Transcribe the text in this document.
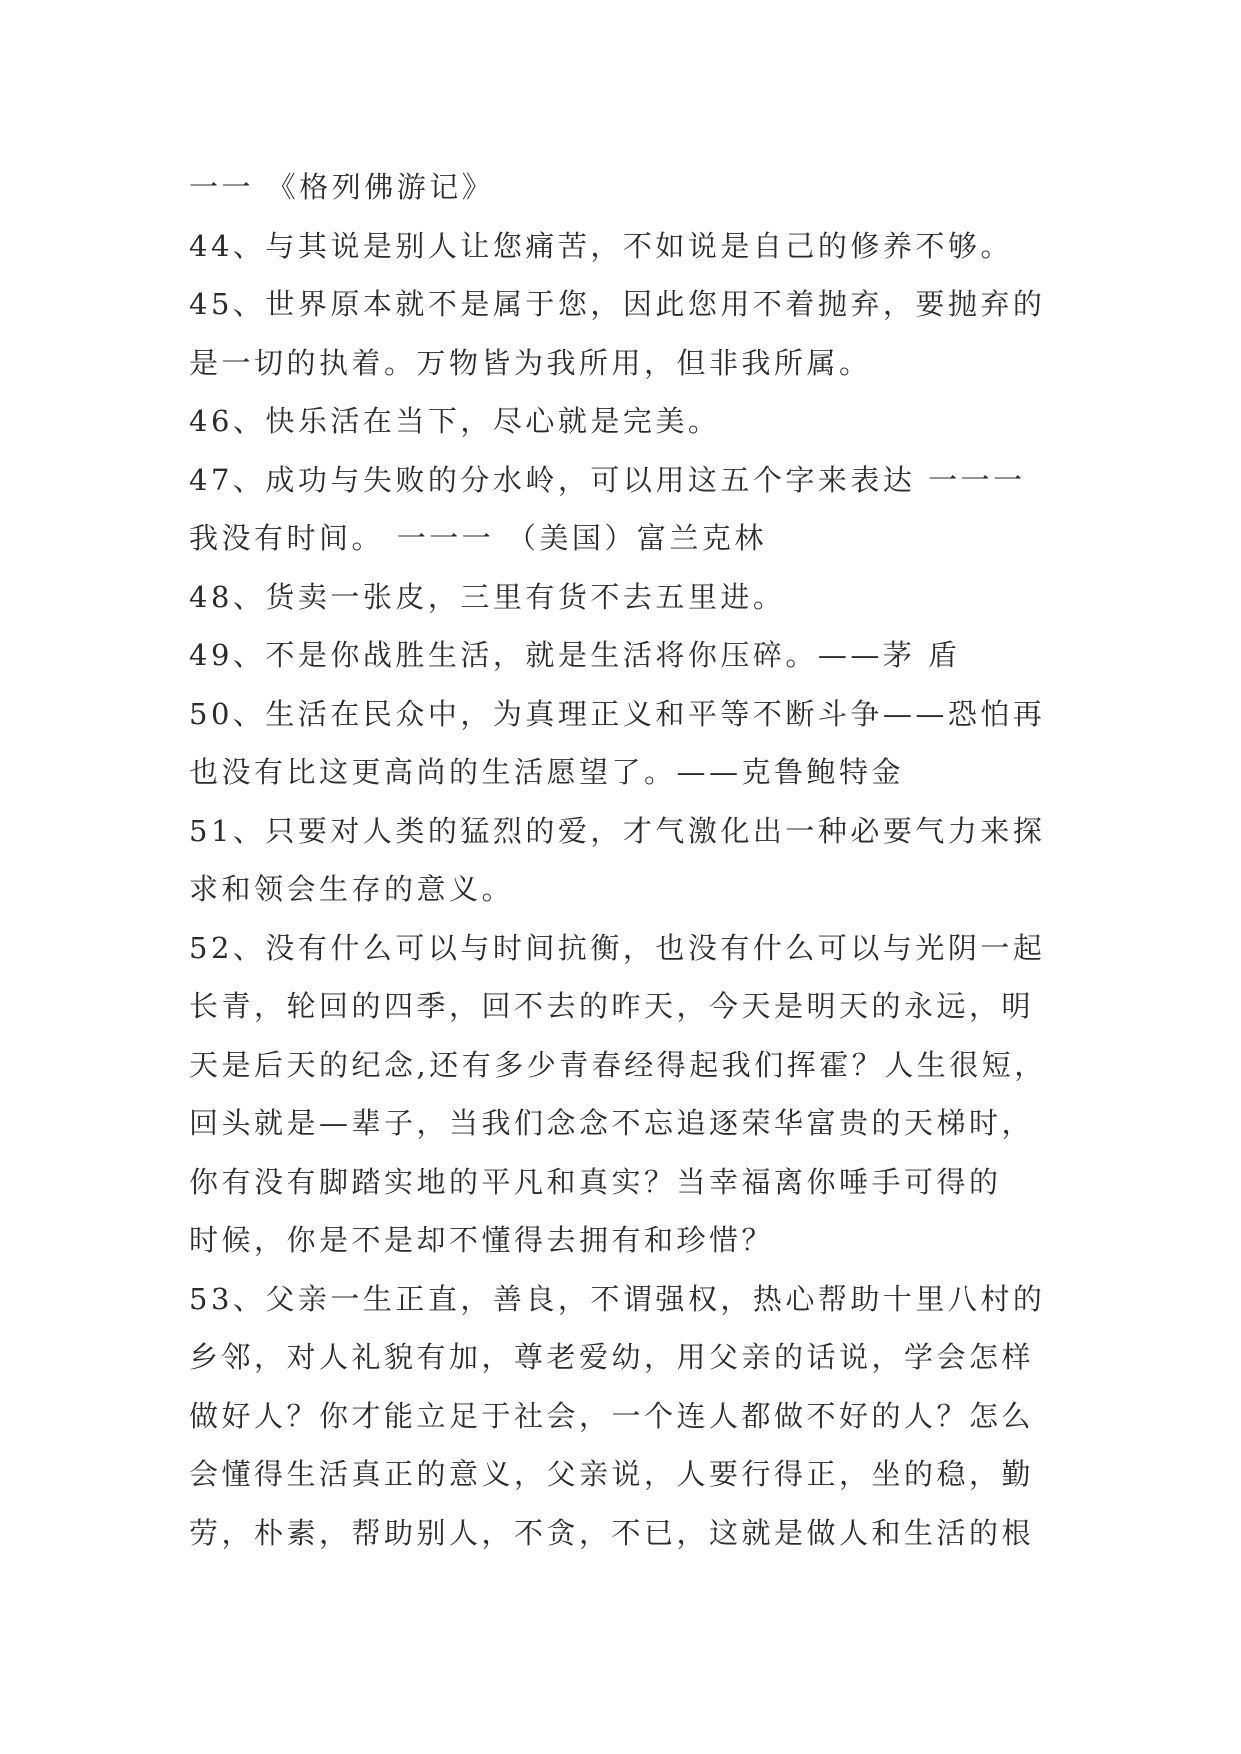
一一 《格列佛游记》
44、与其说是别人让您痛苦，不如说是自己的修养不够。
45、世界原本就不是属于您，因此您用不着抛弃，要抛弃的
是一切的执着。万物皆为我所用，但非我所属。
46、快乐活在当下，尽心就是完美。
47、成功与失败的分水岭，可以用这五个字来表达 一一一
我没有时间。 一一一 （美国）富兰克林
48、货卖一张皮，三里有货不去五里进。
49、不是你战胜生活，就是生活将你压碎。——茅 盾
50、生活在民众中，为真理正义和平等不断斗争——恐怕再
也没有比这更高尚的生活愿望了。——克鲁鲍特金
51、只要对人类的猛烈的爱，才气激化出一种必要气力来探
求和领会生存的意义。
52、没有什么可以与时间抗衡，也没有什么可以与光阴一起
长青，轮回的四季，回不去的昨天，今天是明天的永远，明
天是后天的纪念,还有多少青春经得起我们挥霍？人生很短，
回头就是—辈子，当我们念念不忘追逐荣华富贵的天梯时，
你有没有脚踏实地的平凡和真实？当幸福离你唾手可得的
时候，你是不是却不懂得去拥有和珍惜？
53、父亲一生正直，善良，不谓强权，热心帮助十里八村的
乡邻，对人礼貌有加，尊老爱幼，用父亲的话说，学会怎样
做好人？你才能立足于社会，一个连人都做不好的人？怎么
会懂得生活真正的意义，父亲说，人要行得正，坐的稳，勤
劳，朴素，帮助别人，不贪，不已，这就是做人和生活的根
